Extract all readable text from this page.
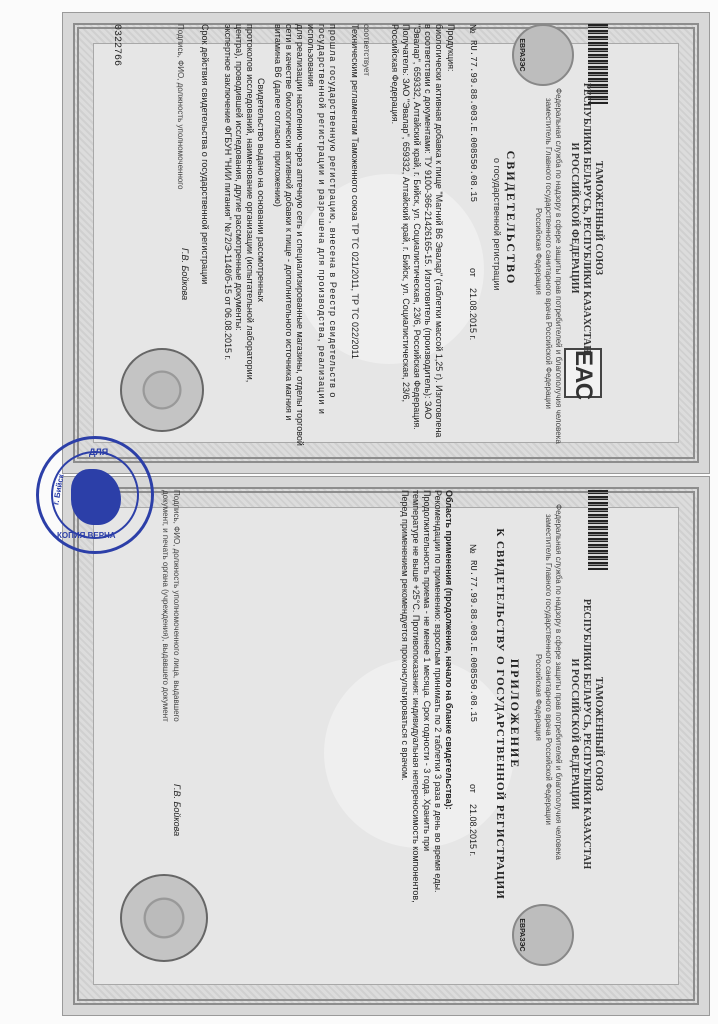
ЕВРАЗЭС
ЕАС
ТАМОЖЕННЫЙ СОЮЗ
РЕСПУБЛИКИ БЕЛАРУСЬ, РЕСПУБЛИКИ КАЗАХСТАН
И РОССИЙСКОЙ ФЕДЕРАЦИИ
Федеральная служба по надзору в сфере защиты прав потребителей и благополучия человека
заместитель Главного государственного санитарного врача Российской Федерации
Российская Федерация
СВИДЕТЕЛЬСТВО
о государственной регистрации
№
RU.77.99.88.003.Е.008550.08.15
от
21.08.2015 г.
Продукция:
биологически активная добавка к пище "Магний B6 Эвалар" (таблетки массой 1,25 г). Изготовлена
в соответствии с документами: ТУ 9100-366-21426165-15. Изготовитель (производитель): ЗАО
"Эвалар", 659332, Алтайский край, г. Бийск, ул. Социалистическая, 23/6, Российская Федерация.
Получатель: ЗАО "Эвалар", 659332, Алтайский край, г. Бийск, ул. Социалистическая, 23/6,
Российская Федерация.
соответствует
Техническим регламентам Таможенного союза ТР ТС 021/2011, ТР ТС 022/2011
прошла государственную регистрацию, внесена в Реестр свидетельств о
государственной регистрации и разрешена для производства, реализации и
использования
для реализации населению через аптечную сеть и специализированные магазины, отделы торговой
сети в качестве биологически активной добавки к пище - дополнительного источника магния и
витамина B6 (далее согласно приложению)
Свидетельство выдано на основании рассмотренных
протоколов исследований, наименование организации (испытательной лаборатории,
центра), проводившей исследования, другие рассмотренные документы:
экспертное заключение ФГБУН "НИИ питания" №72/Э-1148/б-15 от 06.08.2015 г.
Срок действия свидетельства о государственной регистрации
Подпись, ФИО, должность уполномоченного
Г.В. Бойкова
0322766
ЕВРАЗЭС
ТАМОЖЕННЫЙ СОЮЗ
РЕСПУБЛИКИ БЕЛАРУСЬ, РЕСПУБЛИКИ КАЗАХСТАН
И РОССИЙСКОЙ ФЕДЕРАЦИИ
Федеральная служба по надзору в сфере защиты прав потребителей и благополучия человека
заместитель Главного государственного санитарного врача Российской Федерации
Российская Федерация
ПРИЛОЖЕНИЕ
К СВИДЕТЕЛЬСТВУ О ГОСУДАРСТВЕННОЙ РЕГИСТРАЦИИ
№
RU.77.99.88.003.Е.008550.08.15
от
21.08.2015 г.
Область применения (продолжение, начало на бланке свидетельства):
Рекомендации по применению: взрослым принимать по 2 таблетки 3 раза в день во время еды.
Продолжительность приема - не менее 1 месяца. Срок годности - 3 года. Хранить при
температуре не выше +25°С. Противопоказания: индивидуальная непереносимость компонентов,
Перед применением рекомендуется проконсультироваться с врачом.
Подпись, ФИО, должность уполномоченного лица, выдавшего документ, и печать органа (учреждения), выдавшего документ
Г.В. Бойкова
ДЛЯ
КОПИЯ ВЕРНА
г. Бийск
